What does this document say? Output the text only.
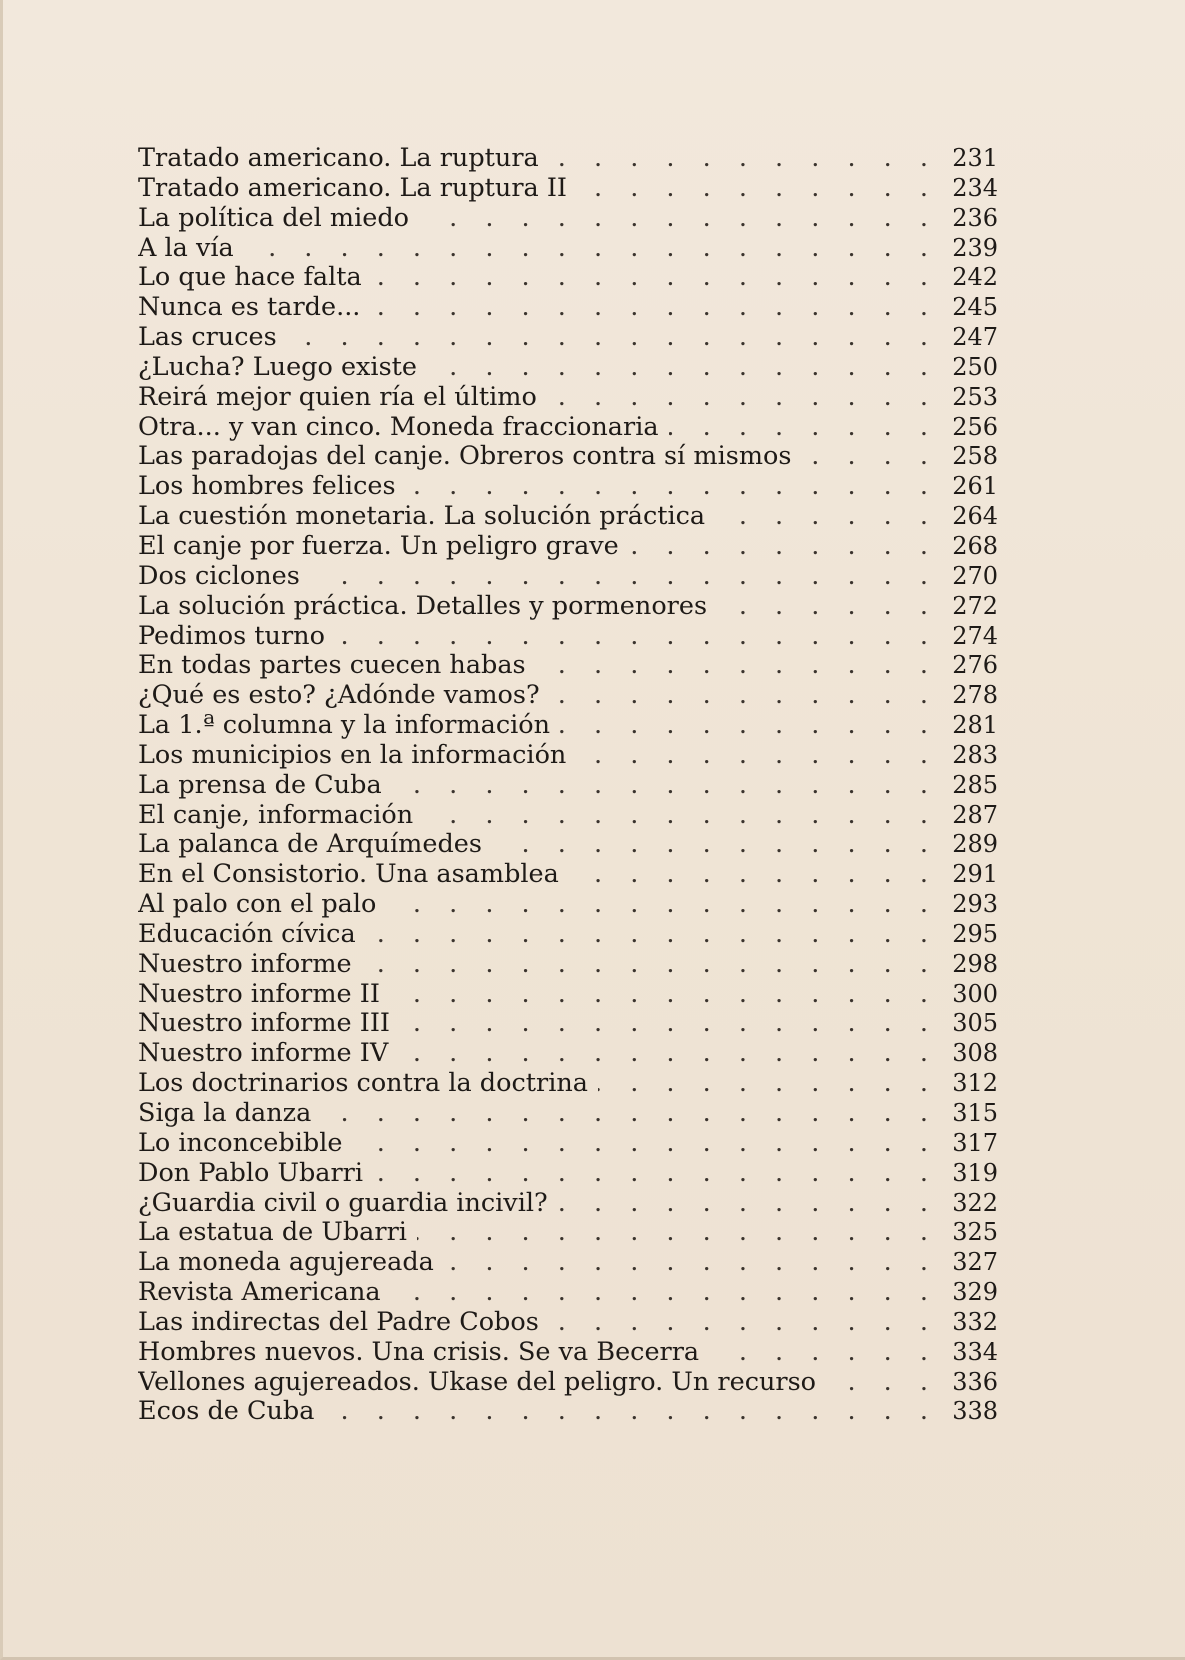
Tratado americano. La ruptura . . .	231
Tratado americano. La ruptura II . . .	234
La política del miedo . . .	236
A la vía . . .	239
Lo que hace falta . . .	242
Nunca es tarde... . . .	245
Las cruces . . .	247
¿Lucha? Luego existe . . .	250
Reirá mejor quien ría el último . . .	253
Otra... y van cinco. Moneda fraccionaria . . .	256
Las paradojas del canje. Obreros contra sí mismos . . .	258
Los hombres felices . . .	261
La cuestión monetaria. La solución práctica . . .	264
El canje por fuerza. Un peligro grave . . .	268
Dos ciclones . . .	270
La solución práctica. Detalles y pormenores . . .	272
Pedimos turno . . .	274
En todas partes cuecen habas . . .	276
¿Qué es esto? ¿Adónde vamos? . . .	278
La 1.ª columna y la información . . .	281
Los municipios en la información . . .	283
La prensa de Cuba . . .	285
El canje, información . . .	287
La palanca de Arquímedes . . .	289
En el Consistorio. Una asamblea . . .	291
Al palo con el palo . . .	293
Educación cívica . . .	295
Nuestro informe . . .	298
Nuestro informe II . . .	300
Nuestro informe III . . .	305
Nuestro informe IV . . .	308
Los doctrinarios contra la doctrina . . .	312
Siga la danza . . .	315
Lo inconcebible . . .	317
Don Pablo Ubarri . . .	319
¿Guardia civil o guardia incivil? . . .	322
La estatua de Ubarri . . .	325
La moneda agujereada . . .	327
Revista Americana . . .	329
Las indirectas del Padre Cobos . . .	332
Hombres nuevos. Una crisis. Se va Becerra . . .	334
Vellones agujereados. Ukase del peligro. Un recurso . . .	336
Ecos de Cuba . . .	338
